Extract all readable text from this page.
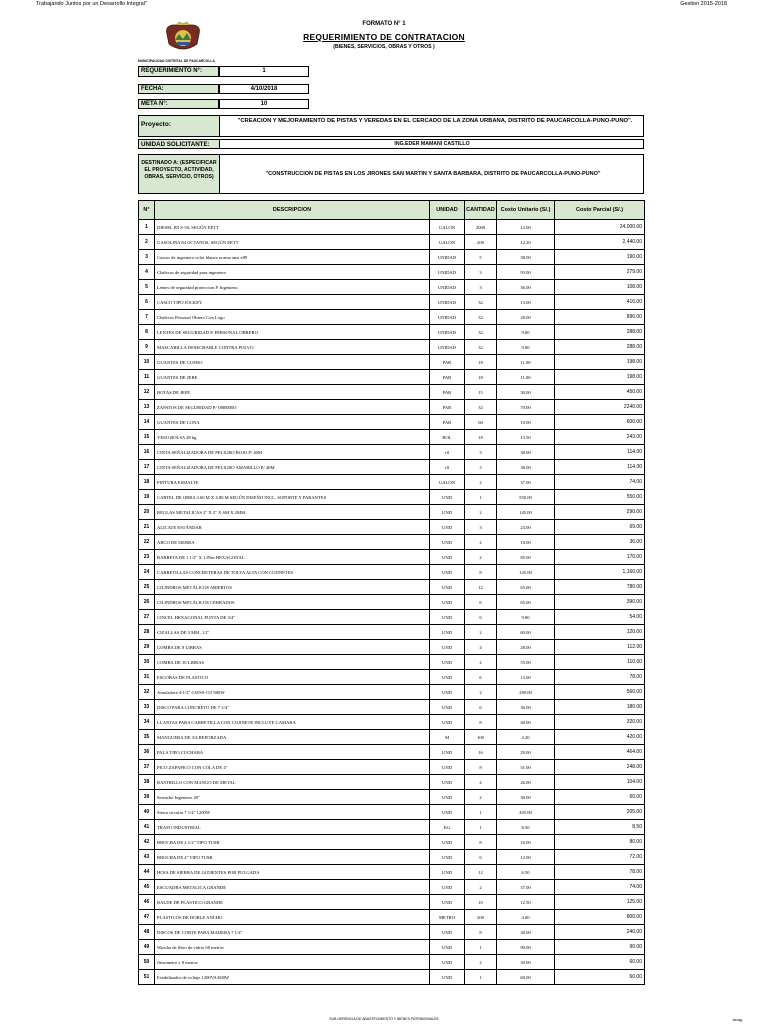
Trabajando Juntos por un Desarrollo Integral"	Gestion 2015-2018
MUNICIPALIDAD DISTRITAL DE PAUCARCOLLA
FORMATO N° 1
REQUERIMIENTO DE CONTRATACION
(BIENES, SERVICIOS, OBRAS Y OTROS )
REQUERIMIENTO N°:	1
FECHA:	4/10/2018
META N°:	10
Proyecto:	"CREACION Y MEJORAMIENTO DE PISTAS Y VEREDAS EN EL CERCADO DE LA ZONA URBANA, DISTRITO DE PAUCARCOLLA-PUNO-PUNO".
UNIDAD SOLICITANTE:	ING.EDER MAMANI CASTILLO
DESTINADO A: (ESPECIFICAR EL PROYECTO, ACTIVIDAD, OBRAS, SERVICIO, OTROS)	"CONSTRUCCION DE PISTAS EN LOS JIRONES SAN MARTIN Y SANTA BARBARA, DISTRITO DE PAUCARCOLLA-PUNO-PUNO"
N°	DESCRIPCION	UNIDAD	CANTIDAD	Costo Unitario (S/.)	Costo Parcial (S/.)
1	DIESEL B5 S-50, SEGÚN EETT	GALON	2000	12.00	24,000.00
2	GASOLINA 84 OCTANOS, SEGÚN EETT	GALON	200	12.20	2,440.00
3	Cascos de ingeniero color blanco norma ansi z89	UNIDAD	5	38.00	190.00
4	Chalecos de seguridad para ingeniero	UNIDAD	3	93.00	279.00
5	Lentes de seguridad proteccion P. Ingeniero.	UNIDAD	3	36.00	108.00
6	CASCO TIPO JOCKEY	UNIDAD	32	13.00	416.00
7	Chalecos Personal Obrero Con Logo	UNIDAD	32	28.00	896.00
8	LENTES DE SEGURIDAD P. PERSONAL OBRERO.	UNIDAD	32	9.00	288.00
9	MASCARILLA DESECHABLE CONTRA POLVO	UNIDAD	32	9.00	288.00
10	GUANTES DE CUERO	PAR	18	11.00	198.00
11	GUANTES DE JEBE	PAR	18	11.00	198.00
12	BOTAS DE JEFE	PAR	15	30.00	450.00
13	ZAPATOS DE SEGURIDAD P/ OBRERO	PAR	32	70.00	2240.00
14	GUANTES DE LONA	PAR	60	10.00	600.00
15	YESO BOLSA 28 kg	BOL	18	13.50	243.00
16	CINTA SEÑALIZADORA DE PELIGRO ROJO P/ 40M	rll	3	38.00	114.00
17	CINTA SEÑALIZADORA DE PELIGRO AMARILLO P/ 40M	rll	3	38.00	114.00
18	PINTURA ESMALTE	GALON	2	37.00	74.00
19	CARTEL DE OBRA 3.60 M X 4.80 M SEGÚN DISEÑO INCL: SOPORTE Y PARANTES	UND	1	550.00	550.00
20	REGLAS METALICAS 2" X 2" X 6M X 2MM.	UND	2	145.00	290.00
21	ALICATE ESTÁNDAR	UND	3	23.00	69.00
22	ARCO DE SIERRA	UND	2	18.00	36.00
23	BARRETA DE 1 1/2" X 1.85m HEXAGONAL	UND	2	85.00	170.00
24	CARRETILLAS CONCRETERAS DE TOLVA ALTA CON COJINETES	UND	8	145.00	1,160.00
25	CILINDROS METÁLICOS ABIERTOS	UND	12	65.00	780.00
26	CILINDROS METÁLICOS CERRADOS	UND	6	65.00	390.00
27	CINCEL HEXAGONAL PUNTA DE 3/4"	UND	6	9.00	54.00
28	CIZALLAS DE 3 MM , 12".	UND	2	60.00	120.00
29	COMBA DE 8 LIBRAS	UND	4	28.00	112.00
30	COMBA DE 10 LIBRAS	UND	2	55.00	110.00
31	ESCOBAS DE PLASTICO	UND	6	13.00	78.00
32	Amoladora 4-1/2" GWS9-115 900W	UND	2	280.00	560.00
33	DISCO PARA CONCRETO DE 7 1/4"	UND	6	30.00	180.00
34	LLANTAS PARA CARRETILLA CON COJINETE INCLUYE CAMARA	UND	8	40.00	320.00
35	MANGUERA DE 3/4 REFORZADA	M	100	4.20	420.00
36	PALA TIPO CUCHARA	UND	16	29.00	464.00
37	PICO ZAPAPICO CON COLA DE 4"	UND	8	31.00	248.00
38	RASTRILLO CON MANGO DE METAL	UND	4	26.00	104.00
39	Serrucho Ingeniero 20"	UND	2	30.00	60.00
40	Sierra circular 7 1/4" 1200W	UND	1	205.00	205.00
41	TRAPO INDUSTRIAL	KG	1	8.50	8.50
42	BROCHA DE 2 1/2" TIPO TUMI	UND	8	10.00	80.00
43	BROCHA DE 4" TIPO TUMI	UND	6	12.00	72.00
44	HOJA DE SIERRA DE 24 DIENTES POR PULGADA	UND	12	6.50	78.00
45	ESCUADRA METALICA GRANDE	UND	2	37.00	74.00
46	BALDE DE PLASTICO GRANDE	UND	10	12.50	125.00
47	PLASTICOS DE DOBLE ANCHO	METRO	200	4.00	800.00
48	DISCOS DE CORTE PARA MADERA 7 1/4"	UND	8	30.00	240.00
49	Wincha de fibro de vidrio 60 metros	UND	1	90.00	90.00
50	flexometro x 8 metros	UND	2	30.00	60.00
51	Estabilizador de voltaje 1200VA/600W	UND	1	60.00	60.00
SUB GERENCIA DE ABASTECIMIENTO Y BIENES PATRIMONIALES	Anag.
